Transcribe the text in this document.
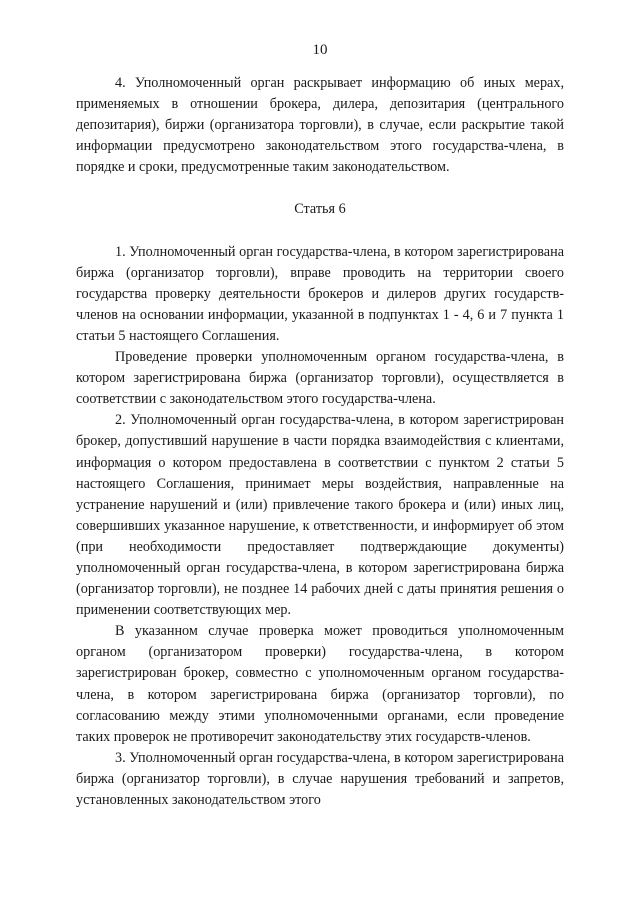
10

4. Уполномоченный орган раскрывает информацию об иных мерах, применяемых в отношении брокера, дилера, депозитария (центрального депозитария), биржи (организатора торговли), в случае, если раскрытие такой информации предусмотрено законодательством этого государства-члена, в порядке и сроки, предусмотренные таким законодательством.

Статья 6

1. Уполномоченный орган государства-члена, в котором зарегистрирована биржа (организатор торговли), вправе проводить на территории своего государства проверку деятельности брокеров и дилеров других государств-членов на основании информации, указанной в подпунктах 1 - 4, 6 и 7 пункта 1 статьи 5 настоящего Соглашения.

Проведение проверки уполномоченным органом государства-члена, в котором зарегистрирована биржа (организатор торговли), осуществляется в соответствии с законодательством этого государства-члена.

2. Уполномоченный орган государства-члена, в котором зарегистрирован брокер, допустивший нарушение в части порядка взаимодействия с клиентами, информация о котором предоставлена в соответствии с пунктом 2 статьи 5 настоящего Соглашения, принимает меры воздействия, направленные на устранение нарушений и (или) привлечение такого брокера и (или) иных лиц, совершивших указанное нарушение, к ответственности, и информирует об этом (при необходимости предоставляет подтверждающие документы) уполномоченный орган государства-члена, в котором зарегистрирована биржа (организатор торговли), не позднее 14 рабочих дней с даты принятия решения о применении соответствующих мер.

В указанном случае проверка может проводиться уполномоченным органом (организатором проверки) государства-члена, в котором зарегистрирован брокер, совместно с уполномоченным органом государства-члена, в котором зарегистрирована биржа (организатор торговли), по согласованию между этими уполномоченными органами, если проведение таких проверок не противоречит законодательству этих государств-членов.

3. Уполномоченный орган государства-члена, в котором зарегистрирована биржа (организатор торговли), в случае нарушения требований и запретов, установленных законодательством этого
